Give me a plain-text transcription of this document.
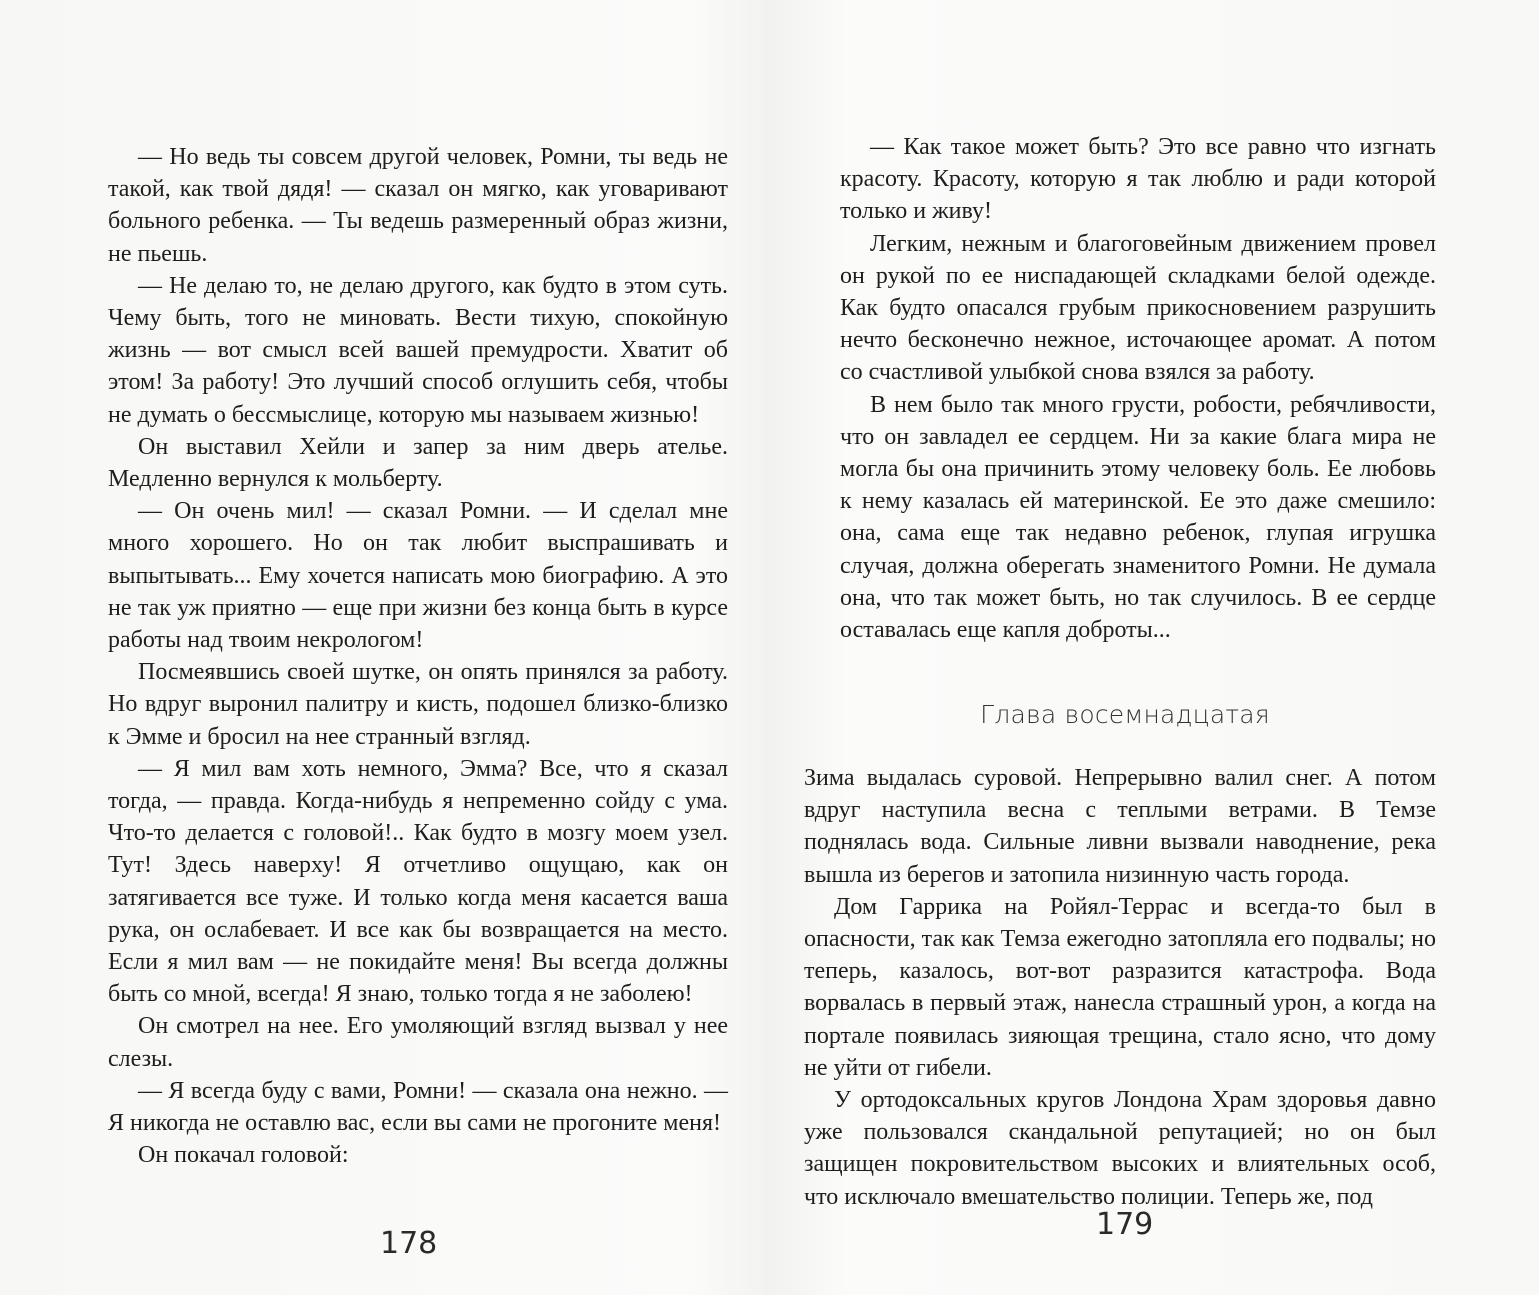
— Но ведь ты совсем другой человек, Ромни, ты ведь не такой, как твой дядя! — сказал он мягко, как уговаривают больного ребенка. — Ты ведешь размеренный образ жизни, не пьешь.

— Не делаю то, не делаю другого, как будто в этом суть. Чему быть, того не миновать. Вести тихую, спокойную жизнь — вот смысл всей вашей премудрости. Хватит об этом! За работу! Это лучший способ оглушить себя, чтобы не думать о бессмыслице, которую мы называем жизнью!

Он выставил Хейли и запер за ним дверь ателье. Медленно вернулся к мольберту.

— Он очень мил! — сказал Ромни. — И сделал мне много хорошего. Но он так любит выспрашивать и выпытывать... Ему хочется написать мою биографию. А это не так уж приятно — еще при жизни без конца быть в курсе работы над твоим некрологом!

Посмеявшись своей шутке, он опять принялся за работу. Но вдруг выронил палитру и кисть, подошел близко-близко к Эмме и бросил на нее странный взгляд.

— Я мил вам хоть немного, Эмма? Все, что я сказал тогда, — правда. Когда-нибудь я непременно сойду с ума. Что-то делается с головой!.. Как будто в мозгу моем узел. Тут! Здесь наверху! Я отчетливо ощущаю, как он затягивается все туже. И только когда меня касается ваша рука, он ослабевает. И все как бы возвращается на место. Если я мил вам — не покидайте меня! Вы всегда должны быть со мной, всегда! Я знаю, только тогда я не заболею!

Он смотрел на нее. Его умоляющий взгляд вызвал у нее слезы.

— Я всегда буду с вами, Ромни! — сказала она нежно. — Я никогда не оставлю вас, если вы сами не прогоните меня!

Он покачал головой:

178

— Как такое может быть? Это все равно что изгнать красоту. Красоту, которую я так люблю и ради которой только и живу!

Легким, нежным и благоговейным движением провел он рукой по ее ниспадающей складками белой одежде. Как будто опасался грубым прикосновением разрушить нечто бесконечно нежное, источающее аромат. А потом со счастливой улыбкой снова взялся за работу.

В нем было так много грусти, робости, ребячливости, что он завладел ее сердцем. Ни за какие блага мира не могла бы она причинить этому человеку боль. Ее любовь к нему казалась ей материнской. Ее это даже смешило: она, сама еще так недавно ребенок, глупая игрушка случая, должна оберегать знаменитого Ромни. Не думала она, что так может быть, но так случилось. В ее сердце оставалась еще капля доброты...

Глава восемнадцатая

Зима выдалась суровой. Непрерывно валил снег. А потом вдруг наступила весна с теплыми ветрами. В Темзе поднялась вода. Сильные ливни вызвали наводнение, река вышла из берегов и затопила низинную часть города.

Дом Гаррика на Ройял-Террас и всегда-то был в опасности, так как Темза ежегодно затопляла его подвалы; но теперь, казалось, вот-вот разразится катастрофа. Вода ворвалась в первый этаж, нанесла страшный урон, а когда на портале появилась зияющая трещина, стало ясно, что дому не уйти от гибели.

У ортодоксальных кругов Лондона Храм здоровья давно уже пользовался скандальной репутацией; но он был защищен покровительством высоких и влиятельных особ, что исключало вмешательство полиции. Теперь же, под

179
